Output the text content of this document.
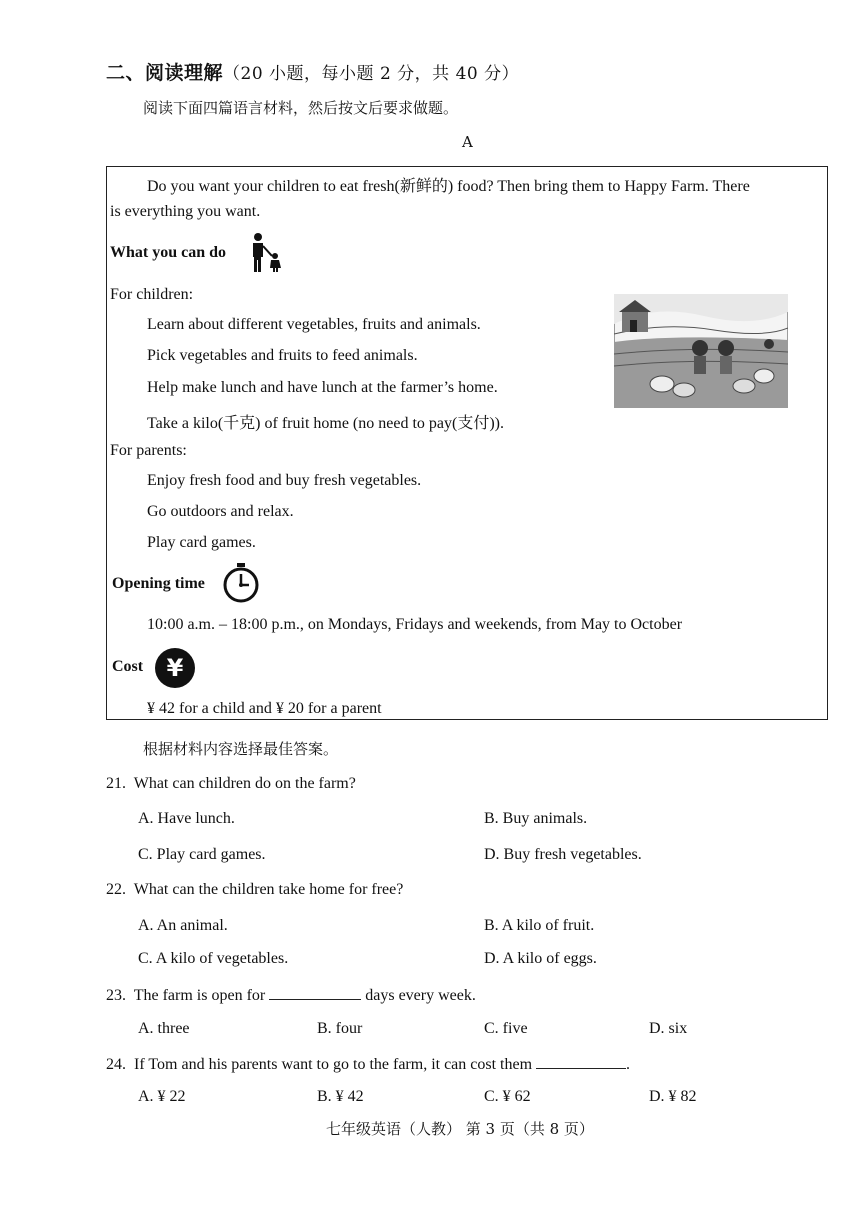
二、阅读理解（20 小题，每小题 2 分，共 40 分）
阅读下面四篇语言材料，然后按文后要求做题。
A
Do you want your children to eat fresh(新鲜的) food? Then bring them to Happy Farm. There
is everything you want.
What you can do
For children:
Learn about different vegetables, fruits and animals.
Pick vegetables and fruits to feed animals.
Help make lunch and have lunch at the farmer’s home.
Take a kilo(千克) of fruit home (no need to pay(支付)).
For parents:
Enjoy fresh food and buy fresh vegetables.
Go outdoors and relax.
Play card games.
Opening time
10:00 a.m. – 18:00 p.m., on Mondays, Fridays and weekends, from May to October
Cost ¥
¥ 42 for a child and ¥ 20 for a parent
根据材料内容选择最佳答案。
21. What can children do on the farm?
A. Have lunch.	B. Buy animals.
C. Play card games.	D. Buy fresh vegetables.
22. What can the children take home for free?
A. An animal.	B. A kilo of fruit.
C. A kilo of vegetables.	D. A kilo of eggs.
23. The farm is open for	days every week.
A. three	B. four	C. five	D. six
24. If Tom and his parents want to go to the farm, it can cost them	.
A. ¥ 22	B. ¥ 42	C. ¥ 62	D. ¥ 82
七年级英语（人教） 第 3 页（共 8 页）
